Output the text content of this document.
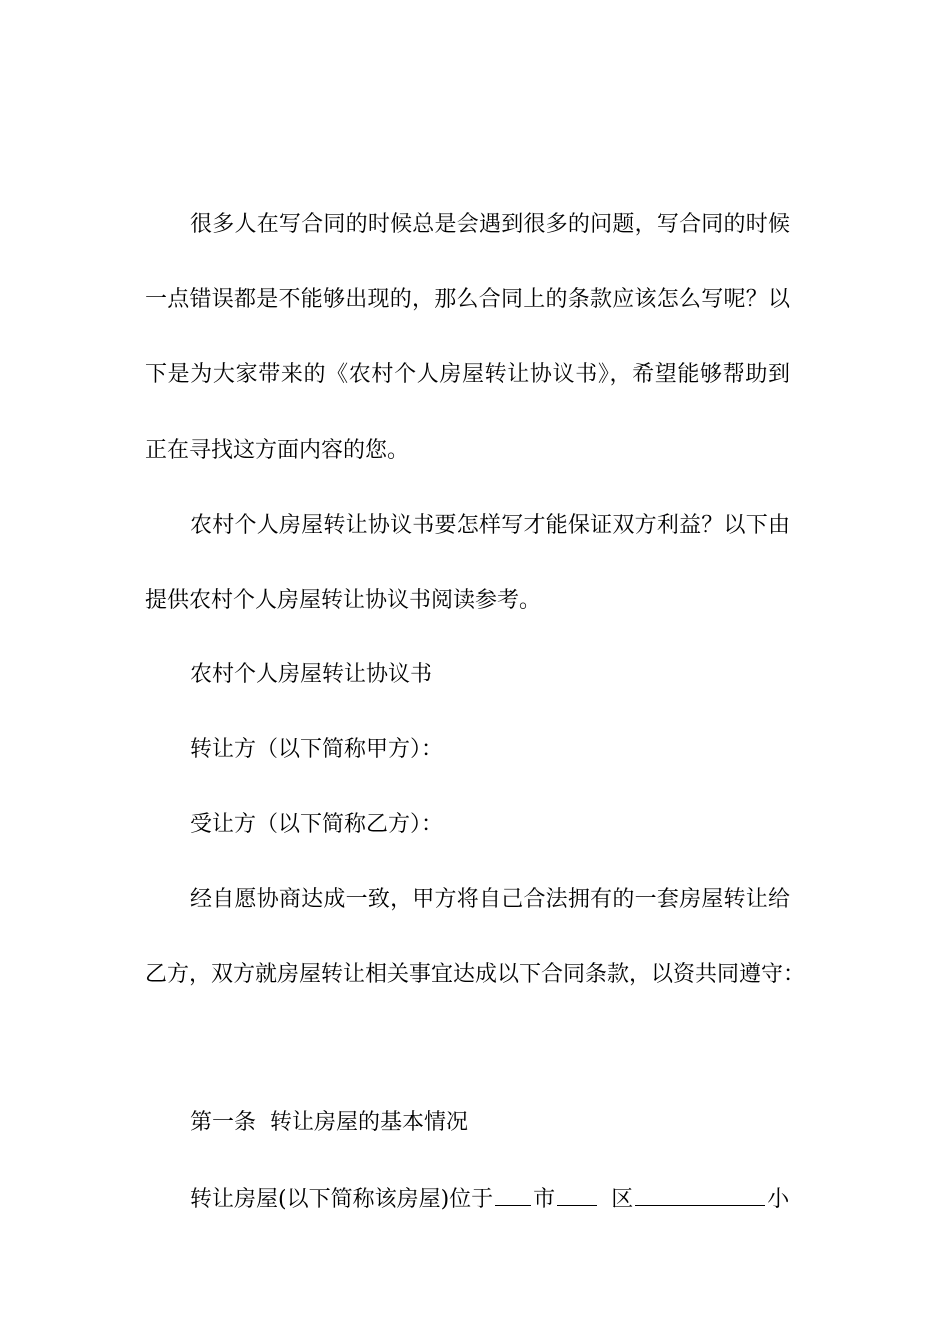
很多人在写合同的时候总是会遇到很多的问题，写合同的时候
一点错误都是不能够出现的，那么合同上的条款应该怎么写呢？以
下是为大家带来的《农村个人房屋转让协议书》，希望能够帮助到
正在寻找这方面内容的您。
农村个人房屋转让协议书要怎样写才能保证双方利益？以下由
提供农村个人房屋转让协议书阅读参考。
农村个人房屋转让协议书
转让方（以下简称甲方）：
受让方（以下简称乙方）：
经自愿协商达成一致，甲方将自己合法拥有的一套房屋转让给
乙方，双方就房屋转让相关事宜达成以下合同条款，以资共同遵守：
第一条  转让房屋的基本情况
转让房屋(以下简称该房屋)位于 市	区	小
